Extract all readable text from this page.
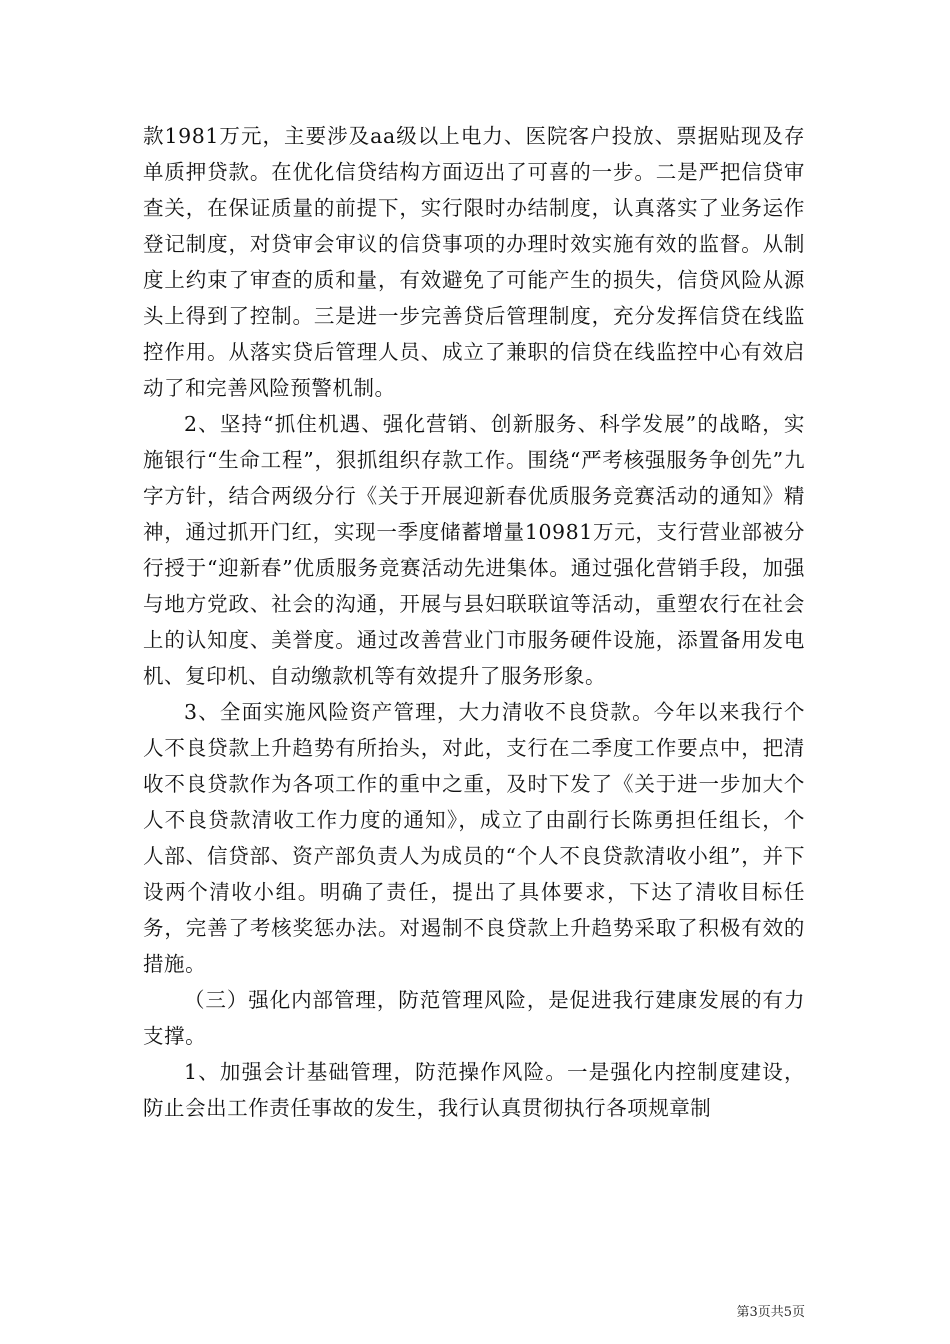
款1981万元，主要涉及aa级以上电力、医院客户投放、票据贴现及存单质押贷款。在优化信贷结构方面迈出了可喜的一步。二是严把信贷审查关，在保证质量的前提下，实行限时办结制度，认真落实了业务运作登记制度，对贷审会审议的信贷事项的办理时效实施有效的监督。从制度上约束了审查的质和量，有效避免了可能产生的损失，信贷风险从源头上得到了控制。三是进一步完善贷后管理制度，充分发挥信贷在线监控作用。从落实贷后管理人员、成立了兼职的信贷在线监控中心有效启动了和完善风险预警机制。

2、坚持“抓住机遇、强化营销、创新服务、科学发展”的战略，实施银行“生命工程”，狠抓组织存款工作。围绕“严考核强服务争创先”九字方针，结合两级分行《关于开展迎新春优质服务竞赛活动的通知》精神，通过抓开门红，实现一季度储蓄增量10981万元，支行营业部被分行授于“迎新春”优质服务竞赛活动先进集体。通过强化营销手段，加强与地方党政、社会的沟通，开展与县妇联联谊等活动，重塑农行在社会上的认知度、美誉度。通过改善营业门市服务硬件设施，添置备用发电机、复印机、自动缴款机等有效提升了服务形象。

3、全面实施风险资产管理，大力清收不良贷款。今年以来我行个人不良贷款上升趋势有所抬头，对此，支行在二季度工作要点中，把清收不良贷款作为各项工作的重中之重，及时下发了《关于进一步加大个人不良贷款清收工作力度的通知》，成立了由副行长陈勇担任组长，个人部、信贷部、资产部负责人为成员的“个人不良贷款清收小组”，并下设两个清收小组。明确了责任，提出了具体要求，下达了清收目标任务，完善了考核奖惩办法。对遏制不良贷款上升趋势采取了积极有效的措施。

（三）强化内部管理，防范管理风险，是促进我行建康发展的有力支撑。

1、加强会计基础管理，防范操作风险。一是强化内控制度建设，防止会出工作责任事故的发生，我行认真贯彻执行各项规章制

第3页共5页
